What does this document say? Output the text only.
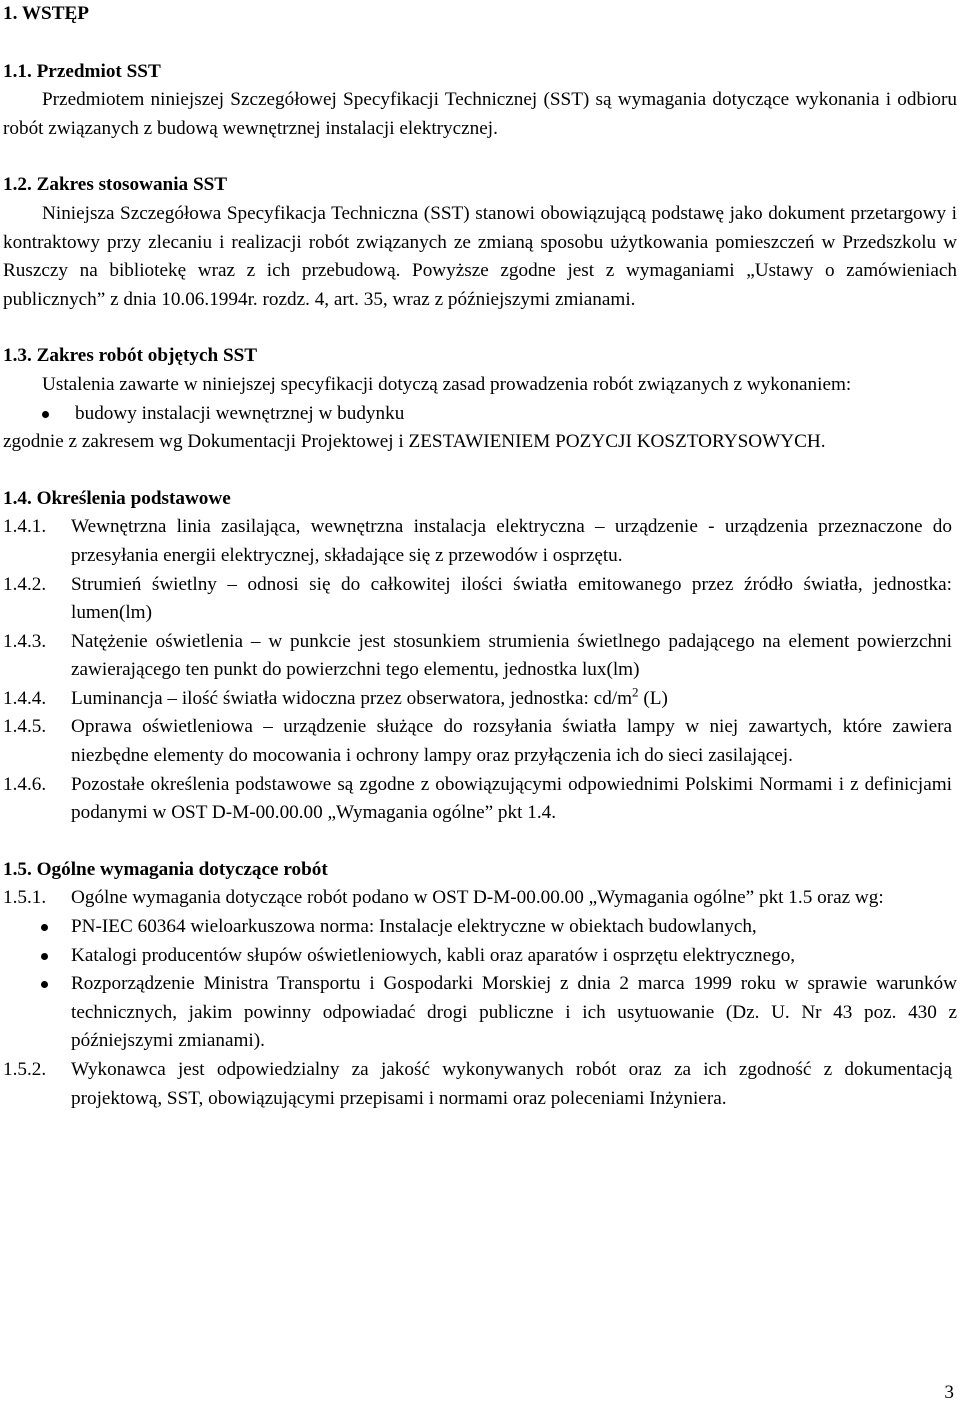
1. WSTĘP

1.1. Przedmiot SST

Przedmiotem niniejszej Szczegółowej Specyfikacji Technicznej (SST) są wymagania dotyczące wykonania i odbioru robót związanych z budową wewnętrznej instalacji elektrycznej.

1.2. Zakres stosowania SST

Niniejsza Szczegółowa Specyfikacja Techniczna (SST) stanowi obowiązującą podstawę jako dokument przetargowy i kontraktowy przy zlecaniu i realizacji robót związanych ze zmianą sposobu użytkowania pomieszczeń w Przedszkolu w Ruszczy na bibliotekę wraz z ich przebudową. Powyższe zgodne jest z wymaganiami „Ustawy o zamówieniach publicznych” z dnia 10.06.1994r. rozdz. 4, art. 35, wraz z późniejszymi zmianami.

1.3. Zakres robót objętych SST

Ustalenia zawarte w niniejszej specyfikacji dotyczą zasad prowadzenia robót związanych z wykonaniem:

budowy instalacji wewnętrznej w budynku

zgodnie z zakresem wg Dokumentacji Projektowej i ZESTAWIENIEM POZYCJI KOSZTORYSOWYCH.

1.4. Określenia podstawowe

1.4.1.	Wewnętrzna linia zasilająca, wewnętrzna instalacja elektryczna – urządzenie - urządzenia przeznaczone do przesyłania energii elektrycznej, składające się z przewodów i osprzętu.
1.4.2.	Strumień świetlny – odnosi się do całkowitej ilości światła emitowanego przez źródło światła, jednostka: lumen(lm)
1.4.3.	Natężenie oświetlenia – w punkcie jest stosunkiem strumienia świetlnego padającego na element powierzchni zawierającego ten punkt do powierzchni tego elementu, jednostka lux(lm)
1.4.4.	Luminancja – ilość światła widoczna przez obserwatora, jednostka: $cd/m^2$ (L)
1.4.5.	Oprawa oświetleniowa – urządzenie służące do rozsyłania światła lampy w niej zawartych, które zawiera niezbędne elementy do mocowania i ochrony lampy oraz przyłączenia ich do sieci zasilającej.
1.4.6.	Pozostałe określenia podstawowe są zgodne z obowiązującymi odpowiednimi Polskimi Normami i z definicjami podanymi w OST D-M-00.00.00 „Wymagania ogólne” pkt 1.4.

1.5. Ogólne wymagania dotyczące robót

1.5.1.	Ogólne wymagania dotyczące robót podano w OST D-M-00.00.00 „Wymagania ogólne” pkt 1.5 oraz wg:
PN-IEC 60364 wieloarkuszowa norma: Instalacje elektryczne w obiektach budowlanych,
Katalogi producentów słupów oświetleniowych, kabli oraz aparatów i osprzętu elektrycznego,
Rozporządzenie Ministra Transportu i Gospodarki Morskiej z dnia 2 marca 1999 roku w sprawie warunków technicznych, jakim powinny odpowiadać drogi publiczne i ich usytuowanie (Dz. U. Nr 43 poz. 430 z późniejszymi zmianami).
1.5.2.	Wykonawca jest odpowiedzialny za jakość wykonywanych robót oraz za ich zgodność z dokumentacją projektową, SST, obowiązującymi przepisami i normami oraz poleceniami Inżyniera.
3
